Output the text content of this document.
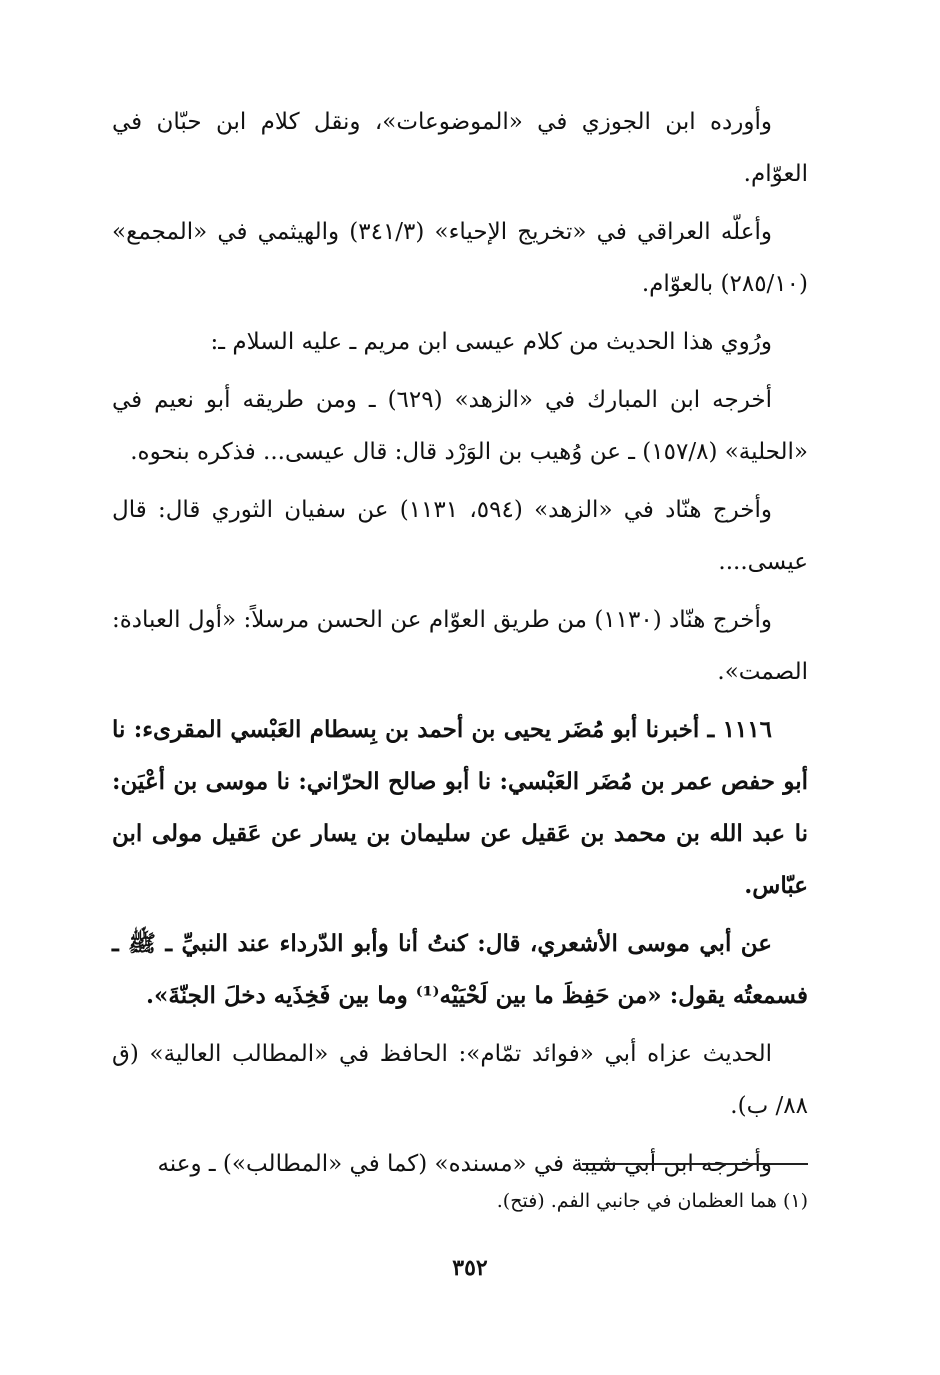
وأورده ابن الجوزي في «الموضوعات»، ونقل كلام ابن حبّان في العوّام.

وأعلّه العراقي في «تخريج الإحياء» (٣٤١/٣) والهيثمي في «المجمع» (٢٨٥/١٠) بالعوّام.

ورُوي هذا الحديث من كلام عيسى ابن مريم ـ عليه السلام ـ:

أخرجه ابن المبارك في «الزهد» (٦٢٩) ـ ومن طريقه أبو نعيم في «الحلية» (١٥٧/٨) ـ عن وُهيب بن الوَرْد قال: قال عيسى... فذكره بنحوه.

وأخرج هنّاد في «الزهد» (٥٩٤، ١١٣١) عن سفيان الثوري قال: قال عيسى....

وأخرج هنّاد (١١٣٠) من طريق العوّام عن الحسن مرسلاً: «أول العبادة: الصمت».

١١١٦ ـ أخبرنا أبو مُضَر يحيى بن أحمد بن بِسطام العَبْسي المقرىء: نا أبو حفص عمر بن مُضَر العَبْسي: نا أبو صالح الحرّاني: نا موسى بن أعْيَن: نا عبد الله بن محمد بن عَقيل عن سليمان بن يسار عن عَقيل مولى ابن عبّاس.

عن أبي موسى الأشعري، قال: كنتُ أنا وأبو الدّرداء عند النبيِّ ـ ﷺ ـ فسمعتُه يقول: «من حَفِظَ ما بين لَحْيَيْه⁽¹⁾ وما بين فَخِذَيه دخلَ الجنّةَ».

الحديث عزاه أبي «فوائد تمّام»: الحافظ في «المطالب العالية» (ق ٨٨/ ب).

وأخرجه ابن أبي شيبة في «مسنده» (كما في «المطالب») ـ وعنه

(١) هما العظمان في جانبي الفم. (فتح).
٣٥٢
